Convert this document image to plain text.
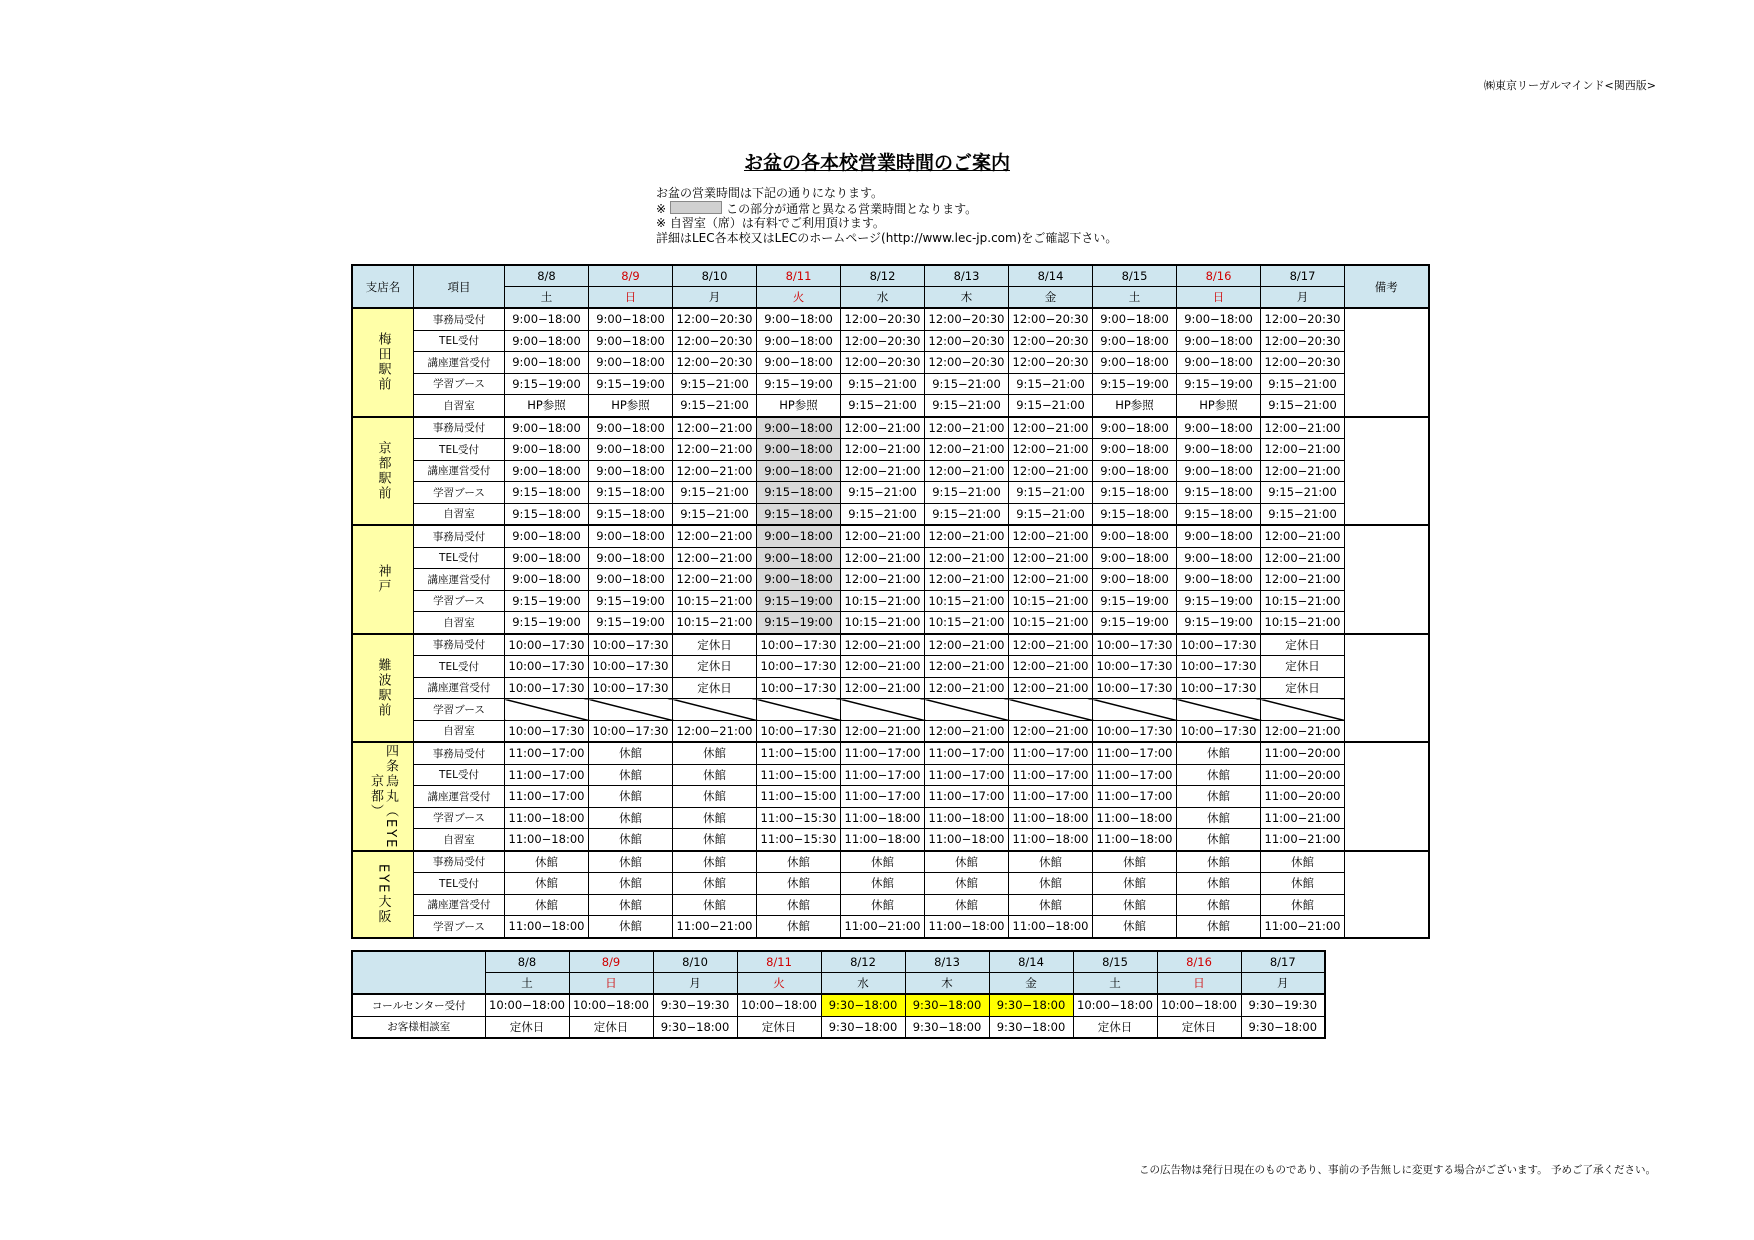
㈱東京リーガルマインド<関西版>
お盆の各本校営業時間のご案内
お盆の営業時間は下記の通りになります。
※	この部分が通常と異なる営業時間となります。
※ 自習室（席）は有料でご利用頂けます。
詳細はLEC各本校又はLECのホームページ(http://www.lec-jp.com)をご確認下さい。
支店名	項目	8/8	8/9	8/10	8/11	8/12	8/13	8/14	8/15	8/16	8/17	備考
		土	日	月	火	水	木	金	土	日	月	

梅田駅前	事務局受付	9:00−18:00	9:00−18:00	12:00−20:30	9:00−18:00	12:00−20:30	12:00−20:30	12:00−20:30	9:00−18:00	9:00−18:00	12:00−20:30	
	TEL受付	9:00−18:00	9:00−18:00	12:00−20:30	9:00−18:00	12:00−20:30	12:00−20:30	12:00−20:30	9:00−18:00	9:00−18:00	12:00−20:30	
	講座運営受付	9:00−18:00	9:00−18:00	12:00−20:30	9:00−18:00	12:00−20:30	12:00−20:30	12:00−20:30	9:00−18:00	9:00−18:00	12:00−20:30	
	学習ブース	9:15−19:00	9:15−19:00	9:15−21:00	9:15−19:00	9:15−21:00	9:15−21:00	9:15−21:00	9:15−19:00	9:15−19:00	9:15−21:00	
	自習室	HP参照	HP参照	9:15−21:00	HP参照	9:15−21:00	9:15−21:00	9:15−21:00	HP参照	HP参照	9:15−21:00	

京都駅前	事務局受付	9:00−18:00	9:00−18:00	12:00−21:00	9:00−18:00	12:00−21:00	12:00−21:00	12:00−21:00	9:00−18:00	9:00−18:00	12:00−21:00	
	TEL受付	9:00−18:00	9:00−18:00	12:00−21:00	9:00−18:00	12:00−21:00	12:00−21:00	12:00−21:00	9:00−18:00	9:00−18:00	12:00−21:00	
	講座運営受付	9:00−18:00	9:00−18:00	12:00−21:00	9:00−18:00	12:00−21:00	12:00−21:00	12:00−21:00	9:00−18:00	9:00−18:00	12:00−21:00	
	学習ブース	9:15−18:00	9:15−18:00	9:15−21:00	9:15−18:00	9:15−21:00	9:15−21:00	9:15−21:00	9:15−18:00	9:15−18:00	9:15−21:00	
	自習室	9:15−18:00	9:15−18:00	9:15−21:00	9:15−18:00	9:15−21:00	9:15−21:00	9:15−21:00	9:15−18:00	9:15−18:00	9:15−21:00	

神戸	事務局受付	9:00−18:00	9:00−18:00	12:00−21:00	9:00−18:00	12:00−21:00	12:00−21:00	12:00−21:00	9:00−18:00	9:00−18:00	12:00−21:00	
	TEL受付	9:00−18:00	9:00−18:00	12:00−21:00	9:00−18:00	12:00−21:00	12:00−21:00	12:00−21:00	9:00−18:00	9:00−18:00	12:00−21:00	
	講座運営受付	9:00−18:00	9:00−18:00	12:00−21:00	9:00−18:00	12:00−21:00	12:00−21:00	12:00−21:00	9:00−18:00	9:00−18:00	12:00−21:00	
	学習ブース	9:15−19:00	9:15−19:00	10:15−21:00	9:15−19:00	10:15−21:00	10:15−21:00	10:15−21:00	9:15−19:00	9:15−19:00	10:15−21:00	
	自習室	9:15−19:00	9:15−19:00	10:15−21:00	9:15−19:00	10:15−21:00	10:15−21:00	10:15−21:00	9:15−19:00	9:15−19:00	10:15−21:00	

難波駅前	事務局受付	10:00−17:30	10:00−17:30	定休日	10:00−17:30	12:00−21:00	12:00−21:00	12:00−21:00	10:00−17:30	10:00−17:30	定休日	
	TEL受付	10:00−17:30	10:00−17:30	定休日	10:00−17:30	12:00−21:00	12:00−21:00	12:00−21:00	10:00−17:30	10:00−17:30	定休日	
	講座運営受付	10:00−17:30	10:00−17:30	定休日	10:00−17:30	12:00−21:00	12:00−21:00	12:00−21:00	10:00−17:30	10:00−17:30	定休日	
	学習ブース											
	自習室	10:00−17:30	10:00−17:30	12:00−21:00	10:00−17:30	12:00−21:00	12:00−21:00	12:00−21:00	10:00−17:30	10:00−17:30	12:00−21:00	

四条烏丸（EYE京都）	事務局受付	11:00−17:00	休館	休館	11:00−15:00	11:00−17:00	11:00−17:00	11:00−17:00	11:00−17:00	休館	11:00−20:00	
	TEL受付	11:00−17:00	休館	休館	11:00−15:00	11:00−17:00	11:00−17:00	11:00−17:00	11:00−17:00	休館	11:00−20:00	
	講座運営受付	11:00−17:00	休館	休館	11:00−15:00	11:00−17:00	11:00−17:00	11:00−17:00	11:00−17:00	休館	11:00−20:00	
	学習ブース	11:00−18:00	休館	休館	11:00−15:30	11:00−18:00	11:00−18:00	11:00−18:00	11:00−18:00	休館	11:00−21:00	
	自習室	11:00−18:00	休館	休館	11:00−15:30	11:00−18:00	11:00−18:00	11:00−18:00	11:00−18:00	休館	11:00−21:00	

EYE大阪	事務局受付	休館	休館	休館	休館	休館	休館	休館	休館	休館	休館	
	TEL受付	休館	休館	休館	休館	休館	休館	休館	休館	休館	休館	
	講座運営受付	休館	休館	休館	休館	休館	休館	休館	休館	休館	休館	
	学習ブース	11:00−18:00	休館	11:00−21:00	休館	11:00−21:00	11:00−18:00	11:00−18:00	休館	休館	11:00−21:00	
	8/8	8/9	8/10	8/11	8/12	8/13	8/14	8/15	8/16	8/17
	土	日	月	火	水	木	金	土	日	月
コールセンター受付	10:00−18:00	10:00−18:00	9:30−19:30	10:00−18:00	9:30−18:00	9:30−18:00	9:30−18:00	10:00−18:00	10:00−18:00	9:30−19:30
お客様相談室	定休日	定休日	9:30−18:00	定休日	9:30−18:00	9:30−18:00	9:30−18:00	定休日	定休日	9:30−18:00
この広告物は発行日現在のものであり、事前の予告無しに変更する場合がございます。 予めご了承ください。
